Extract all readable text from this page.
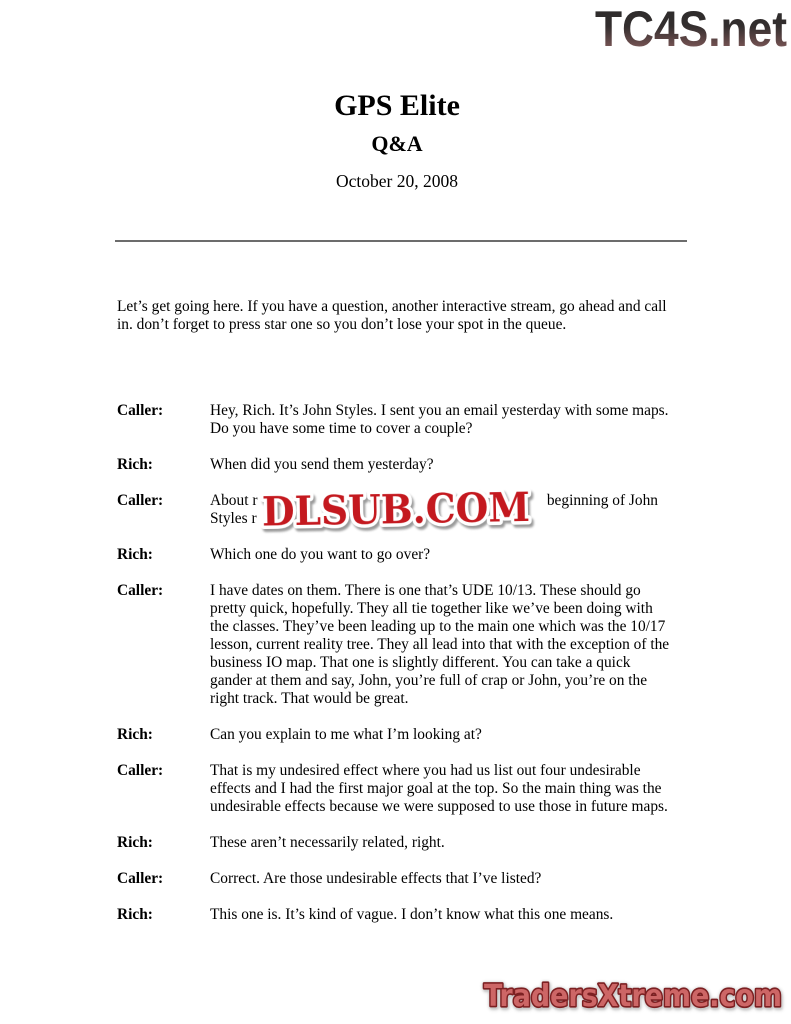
TC4S.net
GPS Elite
Q&A
October 20, 2008
Let’s get going here. If you have a question, another interactive stream, go ahead and call
in. don’t forget to press star one so you don’t lose your spot in the queue.
Caller:	Hey, Rich. It’s John Styles. I sent you an email yesterday with some maps.
Do you have some time to cover a couple?
Rich:	When did you send them yesterday?
Caller:	About r	beginning of John
Styles r
Rich:	Which one do you want to go over?
Caller:	I have dates on them. There is one that’s UDE 10/13. These should go
pretty quick, hopefully. They all tie together like we’ve been doing with
the classes. They’ve been leading up to the main one which was the 10/17
lesson, current reality tree. They all lead into that with the exception of the
business IO map. That one is slightly different. You can take a quick
gander at them and say, John, you’re full of crap or John, you’re on the
right track. That would be great.
Rich:	Can you explain to me what I’m looking at?
Caller:	That is my undesired effect where you had us list out four undesirable
effects and I had the first major goal at the top. So the main thing was the
undesirable effects because we were supposed to use those in future maps.
Rich:	These aren’t necessarily related, right.
Caller:	Correct. Are those undesirable effects that I’ve listed?
Rich:	This one is. It’s kind of vague. I don’t know what this one means.
DLSUB.COM
TradersXtreme.com
